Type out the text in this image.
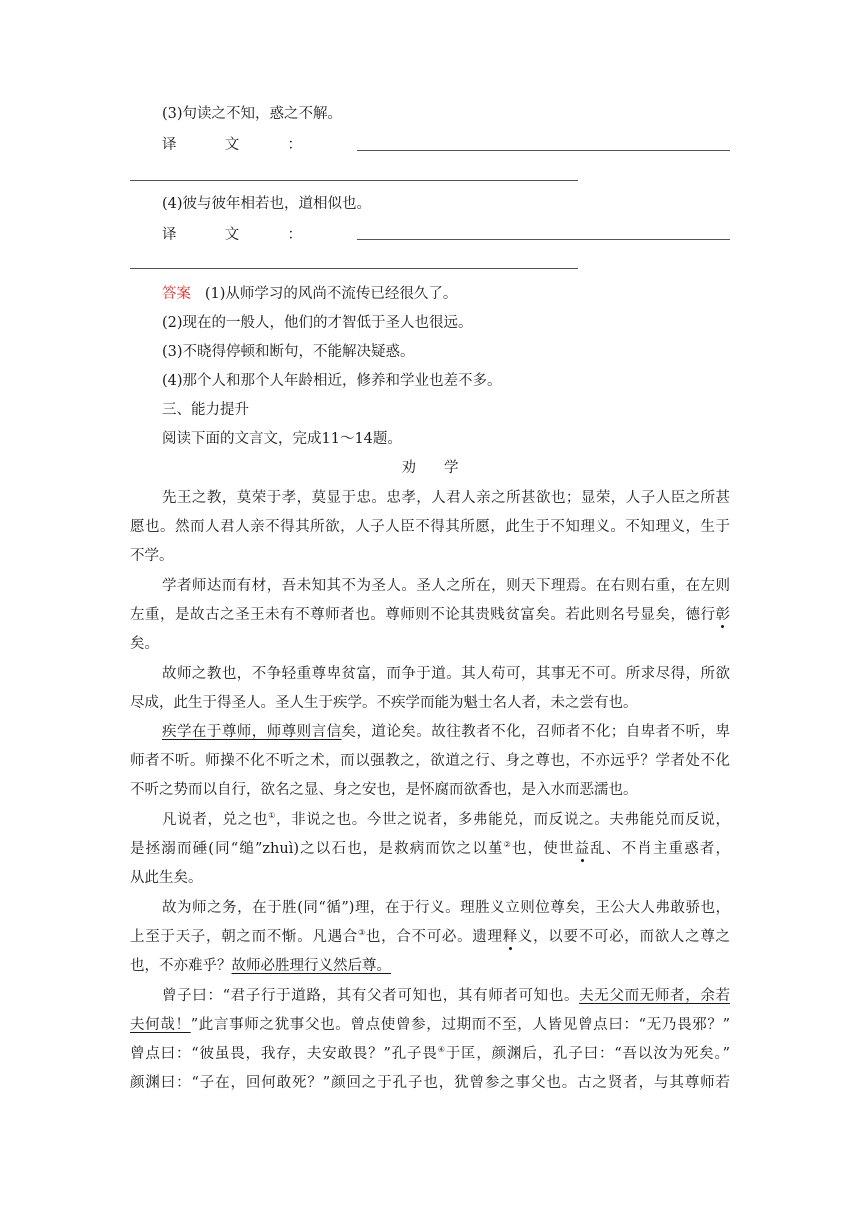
(3)句读之不知，惑之不解。
译	文	：
(4)彼与彼年相若也，道相似也。
译	文	：
答案 (1)从师学习的风尚不流传已经很久了。
(2)现在的一般人，他们的才智低于圣人也很远。
(3)不晓得停顿和断句，不能解决疑惑。
(4)那个人和那个人年龄相近，修养和学业也差不多。
三、能力提升
阅读下面的文言文，完成11～14题。
劝学
先王之教，莫荣于孝，莫显于忠。忠孝，人君人亲之所甚欲也；显荣，人子人臣之所甚
愿也。然而人君人亲不得其所欲，人子人臣不得其所愿，此生于不知理义。不知理义，生于
不学。
学者师达而有材，吾未知其不为圣人。圣人之所在，则天下理焉。在右则右重，在左则
左重，是故古之圣王未有不尊师者也。尊师则不论其贵贱贫富矣。若此则名号显矣，德行彰
矣。
故师之教也，不争轻重尊卑贫富，而争于道。其人苟可，其事无不可。所求尽得，所欲
尽成，此生于得圣人。圣人生于疾学。不疾学而能为魁士名人者，未之尝有也。
疾学在于尊师，师尊则言信矣，道论矣。故往教者不化，召师者不化；自卑者不听，卑
师者不听。师操不化不听之术，而以强教之，欲道之行、身之尊也，不亦远乎？学者处不化
不听之势而以自行，欲名之显、身之安也，是怀腐而欲香也，是入水而恶濡也。
凡说者，兑之也①，非说之也。今世之说者，多弗能兑，而反说之。夫弗能兑而反说，
是拯溺而硾(同“缒”zhuì)之以石也，是救病而饮之以堇②也，使世益乱、不肖主重惑者，
从此生矣。
故为师之务，在于胜(同“循”)理，在于行义。理胜义立则位尊矣，王公大人弗敢骄也，
上至于天子，朝之而不惭。凡遇合③也，合不可必。遗理释义，以要不可必，而欲人之尊之
也，不亦难乎？故师必胜理行义然后尊。
曾子曰：“君子行于道路，其有父者可知也，其有师者可知也。夫无父而无师者，余若
夫何哉！”此言事师之犹事父也。曾点使曾参，过期而不至，人皆见曾点曰：“无乃畏邪？”
曾点曰：“彼虽畏，我存，夫安敢畏？”孔子畏④于匡，颜渊后，孔子曰：“吾以汝为死矣。”
颜渊曰：“子在，回何敢死？”颜回之于孔子也，犹曾参之事父也。古之贤者，与其尊师若
